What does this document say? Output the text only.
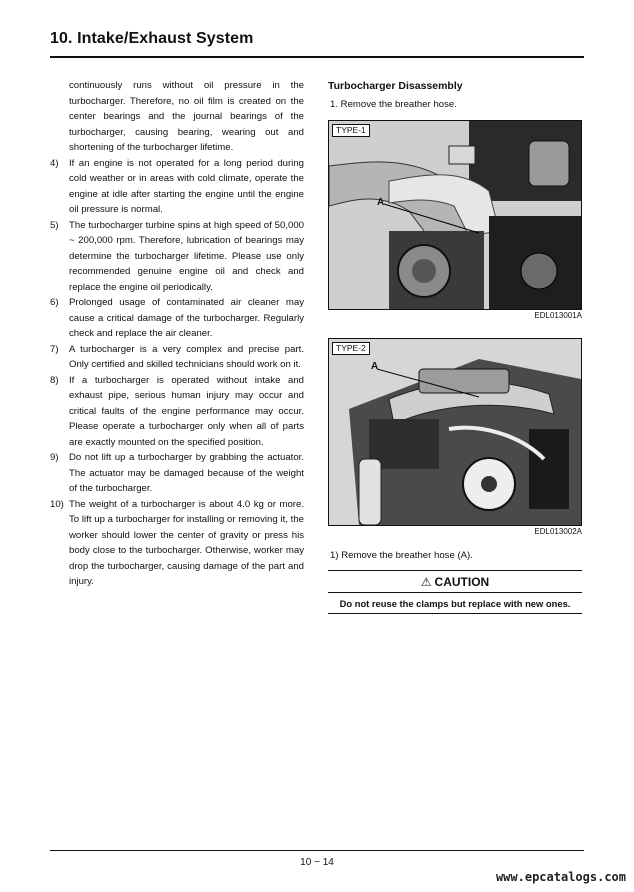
10. Intake/Exhaust System
continuously runs without oil pressure in the turbocharger. Therefore, no oil film is created on the center bearings and the journal bearings of the turbocharger, causing bearing, wearing out and shortening of the turbocharger lifetime.
4)	If an engine is not operated for a long period during cold weather or in areas with cold climate, operate the engine at idle after starting the engine until the engine oil pressure is normal.
5)	The turbocharger turbine spins at high speed of 50,000 ~ 200,000 rpm. Therefore, lubrication of bearings may determine the turbocharger lifetime. Please use only recommended genuine engine oil and check and replace the engine oil periodically.
6)	Prolonged usage of contaminated air cleaner may cause a critical damage of the turbocharger. Regularly check and replace the air cleaner.
7)	A turbocharger is a very complex and precise part. Only certified and skilled technicians should work on it.
8)	If a turbocharger is operated without intake and exhaust pipe, serious human injury may occur and critical faults of the engine performance may occur. Please operate a turbocharger only when all of parts are exactly mounted on the specified position.
9)	Do not lift up a turbocharger by grabbing the actuator. The actuator may be damaged because of the weight of the turbocharger.
10) The weight of a turbocharger is about 4.0 kg or more. To lift up a turbocharger for installing or removing it, the worker should lower the center of gravity or press his body close to the turbocharger. Otherwise, worker may drop the turbocharger, causing damage of the part and injury.
Turbocharger Disassembly
1. Remove the breather hose.
TYPE-1
A
EDL013001A
TYPE-2
A
EDL013002A
1) Remove the breather hose (A).
⚠ CAUTION
Do not reuse the clamps but replace with new ones.
10 − 14
www.epcatalogs.com
